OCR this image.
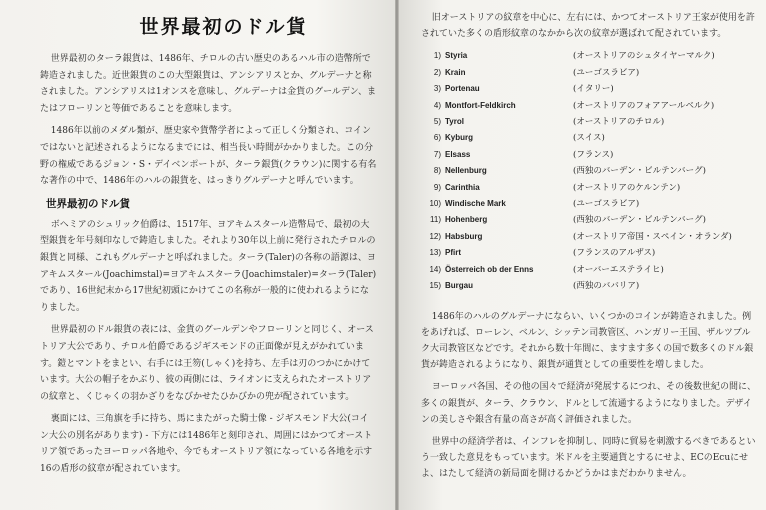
世界最初のドル貨

世界最初のターラ銀貨は、1486年、チロルの古い歴史のあるハル市の造幣所で鋳造されました。近世銀貨のこの大型銀貨は、アンシアリスとか、グルデーナと称されました。アンシアリスは1オンスを意味し、グルデーナは金貨のグールデン、またはフローリンと等価であることを意味します。

1486年以前のメダル類が、歴史家や貨幣学者によって正しく分類され、コインではないと記述されるようになるまでには、相当長い時間がかかりました。この分野の権威であるジョン・S・デイベンポートが、ターラ銀貨(クラウン)に関する有名な著作の中で、1486年のハルの銀貨を、はっきりグルデーナと呼んでいます。

世界最初のドル貨

ボヘミアのシュリック伯爵は、1517年、ヨアキムスタール造幣局で、最初の大型銀貨を年号刻印なしで鋳造しました。それより30年以上前に発行されたチロルの銀貨と同様、これもグルデーナと呼ばれました。ターラ(Taler)の各称の語源は、ヨアキムスタール(Joachimstal)=ヨアキムスターラ(Joachimstaler)=ターラ(Taler)であり、16世紀末から17世紀初頭にかけてこの名称が一般的に使われるようになりました。

世界最初のドル銀貨の表には、金貨のグールデンやフローリンと同じく、オーストリア大公であり、チロル伯爵であるジギスモンドの正面像が見えがかれています。鎧とマントをまとい、右手には王笏(しゃく)を持ち、左手は刃のつかにかけています。大公の帽子をかぶり、彼の両側には、ライオンに支えられたオーストリアの紋章と、くじゃくの羽かざりをなびかせたひかびかの兜が配されています。

裏面には、三角旗を手に持ち、馬にまたがった騎士像 - ジギスモンド大公(コイン大公の別名があります) - 下方には1486年と刻印され、周囲にはかつてオーストリア領であったヨーロッパ各地や、今でもオーストリア領になっている各地を示す16の盾形の紋章が配されています。

旧オーストリアの紋章を中心に、左右には、かつてオーストリア王家が使用を許されていた多くの盾形紋章のなかから次の紋章が選ばれて配されています。

1) Styria	(オーストリアのシュタイヤーマルク)
2) Krain	(ユーゴスラビア)
3) Portenau	(イタリー)
4) Montfort-Feldkirch	(オーストリアのフォアアールベルク)
5) Tyrol	(オーストリアのチロル)
6) Kyburg	(スイス)
7) Elsass	(フランス)
8) Nellenburg	(西独のバーデン・ビルテンバーグ)
9) Carinthia	(オーストリアのケルンテン)
10) Windische Mark	(ユーゴスラビア)
11) Hohenberg	(西独のバーデン・ビルテンバーグ)
12) Habsburg	(オーストリア帝国・スペイン・オランダ)
13) Pfirt	(フランスのアルザス)
14) Österreich ob der Enns	(オーバーエステライヒ)
15) Burgau	(西独のババリア)

1486年のハルのグルデーナにならい、いくつかのコインが鋳造されました。例をあげれば、ローレン、ベルン、シッテン司教管区、ハンガリー王国、ザルツブルク大司教管区などです。それから数十年間に、ますます多くの国で数多くのドル銀貨が鋳造されるようになり、銀貨が通貨としての重要性を増しました。

ヨーロッパ各国、その他の国々で経済が発展するにつれ、その後数世紀の間に、多くの銀貨が、ターラ、クラウン、ドルとして流通するようになりました。デザインの美しさや銀含有量の高さが高く評価されました。

世界中の経済学者は、インフレを抑制し、同時に貿易を刺激するべきであるという一致した意見をもっています。米ドルを主要通貨とするにせよ、ECのEcuにせよ、はたして経済の新局面を開けるかどうかはまだわかりません。
